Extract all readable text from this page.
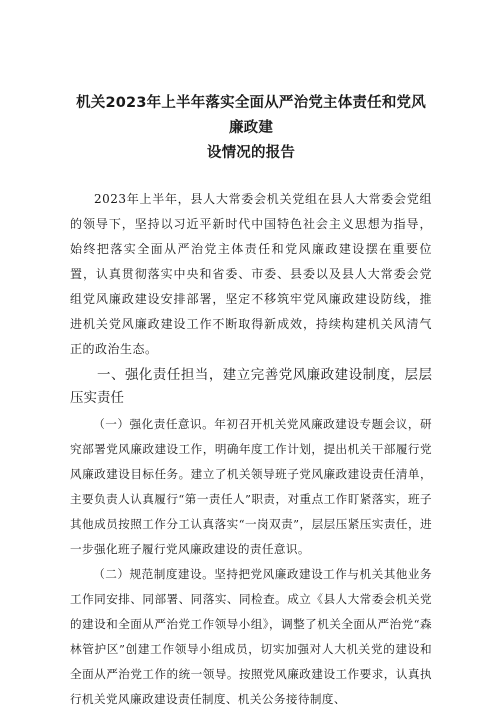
机关2023年上半年落实全面从严治党主体责任和党风廉政建
设情况的报告

2023年上半年，县人大常委会机关党组在县人大常委会党组的领导下，坚持以习近平新时代中国特色社会主义思想为指导，始终把落实全面从严治党主体责任和党风廉政建设摆在重要位置，认真贯彻落实中央和省委、市委、县委以及县人大常委会党组党风廉政建设安排部署，坚定不移筑牢党风廉政建设防线，推进机关党风廉政建设工作不断取得新成效，持续构建机关风清气正的政治生态。

一、强化责任担当，建立完善党风廉政建设制度，层层压实责任

（一）强化责任意识。年初召开机关党风廉政建设专题会议，研究部署党风廉政建设工作，明确年度工作计划，提出机关干部履行党风廉政建设目标任务。建立了机关领导班子党风廉政建设责任清单，主要负责人认真履行“第一责任人”职责，对重点工作盯紧落实，班子其他成员按照工作分工认真落实“一岗双责”，层层压紧压实责任，进一步强化班子履行党风廉政建设的责任意识。

（二）规范制度建设。坚持把党风廉政建设工作与机关其他业务工作同安排、同部署、同落实、同检查。成立《县人大常委会机关党的建设和全面从严治党工作领导小组》，调整了机关全面从严治党“森林管护区”创建工作领导小组成员，切实加强对人大机关党的建设和全面从严治党工作的统一领导。按照党风廉政建设工作要求，认真执行机关党风廉政建设责任制度、机关公务接待制度、
